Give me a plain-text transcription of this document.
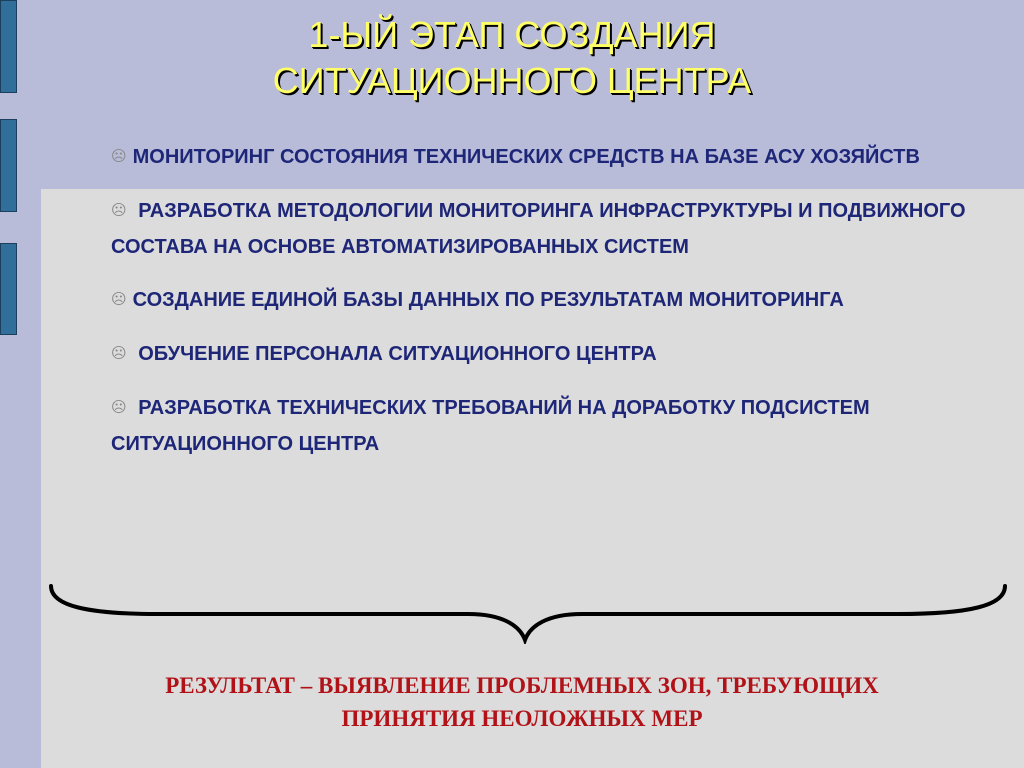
1-ЫЙ ЭТАП СОЗДАНИЯ
СИТУАЦИОННОГО ЦЕНТРА
☹ МОНИТОРИНГ СОСТОЯНИЯ ТЕХНИЧЕСКИХ СРЕДСТВ НА БАЗЕ АСУ ХОЗЯЙСТВ
☹ РАЗРАБОТКА МЕТОДОЛОГИИ МОНИТОРИНГА ИНФРАСТРУКТУРЫ И ПОДВИЖНОГО СОСТАВА НА ОСНОВЕ АВТОМАТИЗИРОВАННЫХ СИСТЕМ
☹ СОЗДАНИЕ ЕДИНОЙ БАЗЫ ДАННЫХ ПО РЕЗУЛЬТАТАМ МОНИТОРИНГА
☹ ОБУЧЕНИЕ ПЕРСОНАЛА СИТУАЦИОННОГО ЦЕНТРА
☹ РАЗРАБОТКА ТЕХНИЧЕСКИХ ТРЕБОВАНИЙ НА ДОРАБОТКУ ПОДСИСТЕМ СИТУАЦИОННОГО ЦЕНТРА
РЕЗУЛЬТАТ – ВЫЯВЛЕНИЕ ПРОБЛЕМНЫХ ЗОН, ТРЕБУЮЩИХ
ПРИНЯТИЯ НЕОЛОЖНЫХ МЕР
